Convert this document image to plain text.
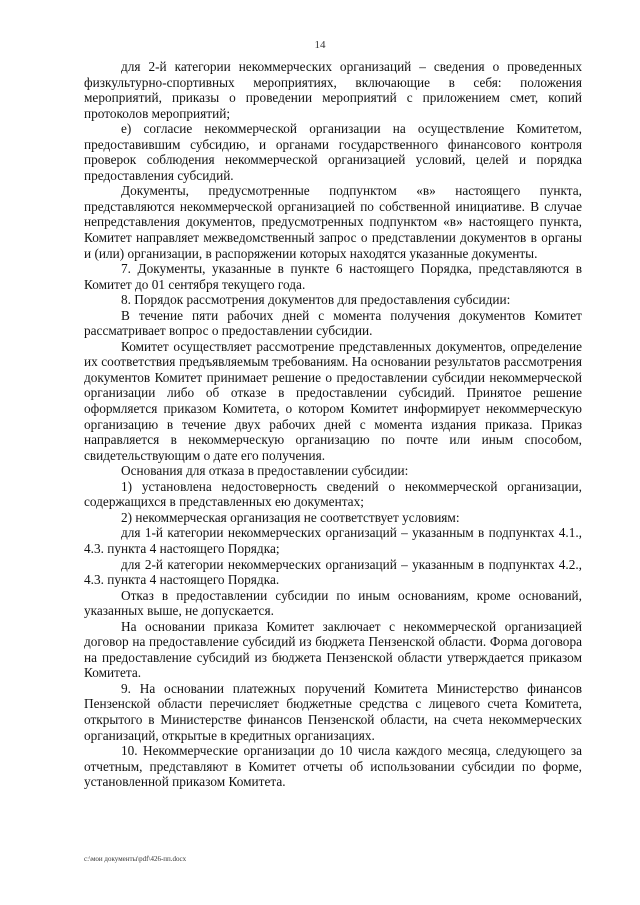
14

для 2-й категории некоммерческих организаций – сведения о проведенных физкультурно-спортивных мероприятиях, включающие в себя: положения мероприятий, приказы о проведении мероприятий с приложением смет, копий протоколов мероприятий;

е) согласие некоммерческой организации на осуществление Комитетом, предоставившим субсидию, и органами государственного финансового контроля проверок соблюдения некоммерческой организацией условий, целей и порядка предоставления субсидий.

Документы, предусмотренные подпунктом «в» настоящего пункта, представляются некоммерческой организацией по собственной инициативе. В случае непредставления документов, предусмотренных подпунктом «в» настоящего пункта, Комитет направляет межведомственный запрос о представлении документов в органы и (или) организации, в распоряжении которых находятся указанные документы.

7. Документы, указанные в пункте 6 настоящего Порядка, представляются в Комитет до 01 сентября текущего года.

8. Порядок рассмотрения документов для предоставления субсидии:

В течение пяти рабочих дней с момента получения документов Комитет рассматривает вопрос о предоставлении субсидии.

Комитет осуществляет рассмотрение представленных документов, определение их соответствия предъявляемым требованиям. На основании результатов рассмотрения документов Комитет принимает решение о предоставлении субсидии некоммерческой организации либо об отказе в предоставлении субсидий. Принятое решение оформляется приказом Комитета, о котором Комитет информирует некоммерческую организацию в течение двух рабочих дней с момента издания приказа. Приказ направляется в некоммерческую организацию по почте или иным способом, свидетельствующим о дате его получения.

Основания для отказа в предоставлении субсидии:

1) установлена недостоверность сведений о некоммерческой организации, содержащихся в представленных ею документах;

2) некоммерческая организация не соответствует условиям:

для 1-й категории некоммерческих организаций – указанным в подпунктах 4.1., 4.3. пункта 4 настоящего Порядка;

для 2-й категории некоммерческих организаций – указанным в подпунктах 4.2., 4.3. пункта 4 настоящего Порядка.

Отказ в предоставлении субсидии по иным основаниям, кроме оснований, указанных выше, не допускается.

На основании приказа Комитет заключает с некоммерческой организацией договор на предоставление субсидий из бюджета Пензенской области. Форма договора на предоставление субсидий из бюджета Пензенской области утверждается приказом Комитета.

9. На основании платежных поручений Комитета Министерство финансов Пензенской области перечисляет бюджетные средства с лицевого счета Комитета, открытого в Министерстве финансов Пензенской области, на счета некоммерческих организаций, открытые в кредитных организациях.

10. Некоммерческие организации до 10 числа каждого месяца, следующего за отчетным, представляют в Комитет отчеты об использовании субсидии по форме, установленной приказом Комитета.

c:\мои документы\pdf\426-пп.docx
